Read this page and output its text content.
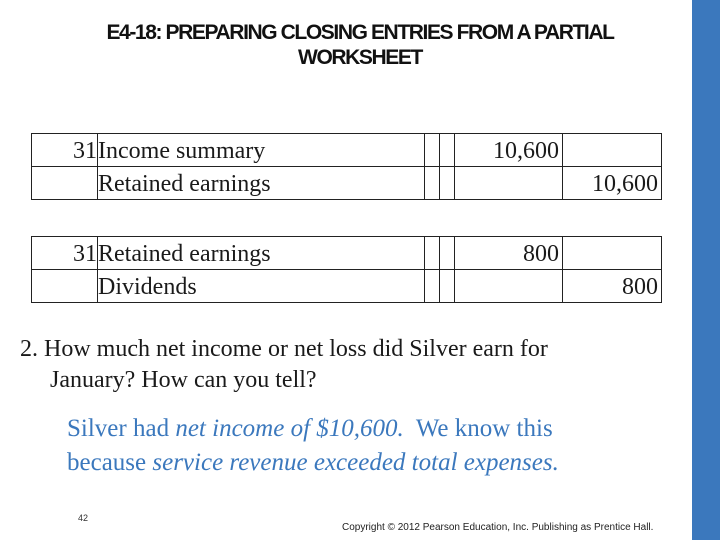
E4-18: PREPARING CLOSING ENTRIES FROM A PARTIAL
WORKSHEET
31	Income summary			10,600	
	Retained earnings				10,600
31	Retained earnings			800	
	Dividends				800
2. How much net income or net loss did Silver earn for
January? How can you tell?
Silver had net income of $10,600.  We know this
because service revenue exceeded total expenses.
42
Copyright © 2012 Pearson Education, Inc. Publishing as Prentice Hall.
